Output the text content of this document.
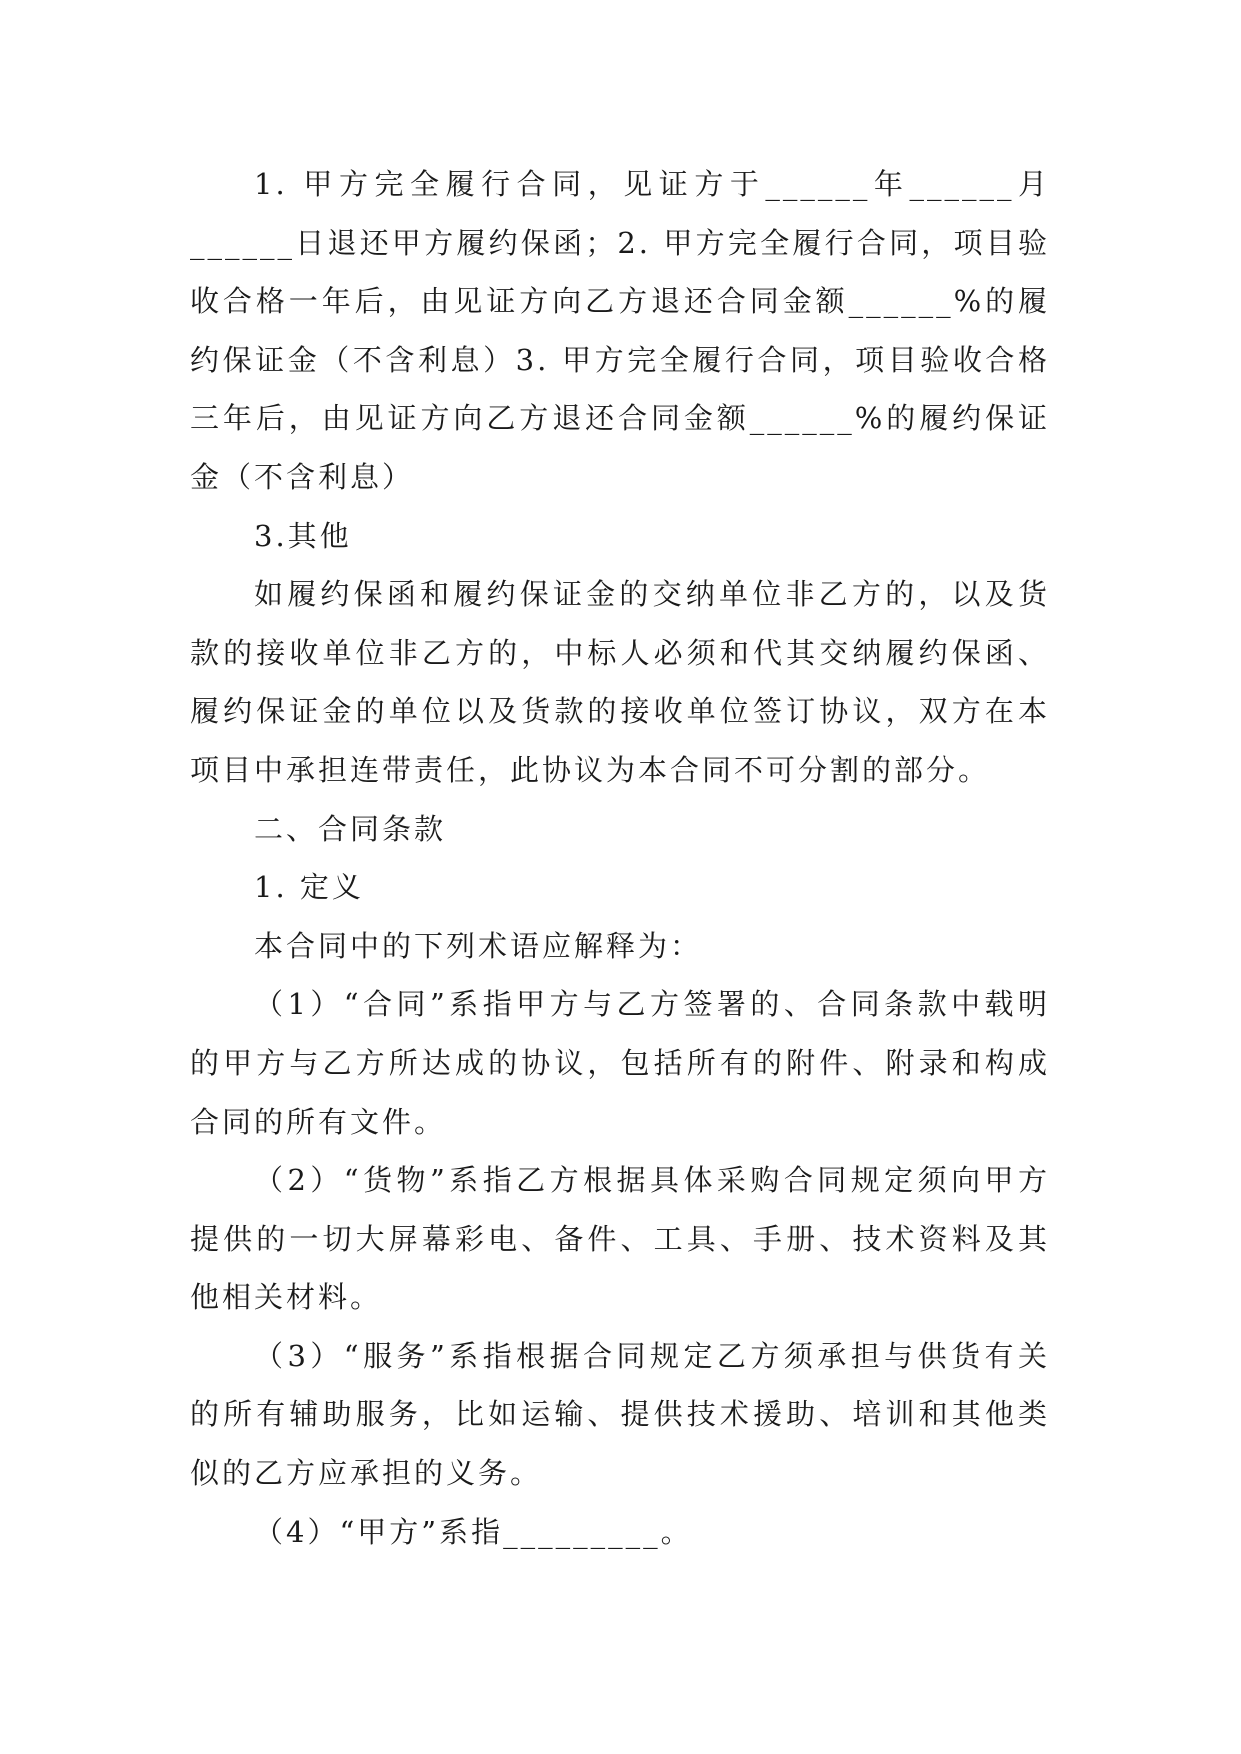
1. 甲方完全履行合同，见证方于______年______月
______日退还甲方履约保函；2. 甲方完全履行合同，项目验
收合格一年后，由见证方向乙方退还合同金额______%的履
约保证金（不含利息）3. 甲方完全履行合同，项目验收合格
三年后，由见证方向乙方退还合同金额______%的履约保证
金（不含利息）
3.其他
如履约保函和履约保证金的交纳单位非乙方的，以及货
款的接收单位非乙方的，中标人必须和代其交纳履约保函、
履约保证金的单位以及货款的接收单位签订协议，双方在本
项目中承担连带责任，此协议为本合同不可分割的部分。
二、合同条款
1. 定义
本合同中的下列术语应解释为：
（1）“合同”系指甲方与乙方签署的、合同条款中载明
的甲方与乙方所达成的协议，包括所有的附件、附录和构成
合同的所有文件。
（2）“货物”系指乙方根据具体采购合同规定须向甲方
提供的一切大屏幕彩电、备件、工具、手册、技术资料及其
他相关材料。
（3）“服务”系指根据合同规定乙方须承担与供货有关
的所有辅助服务，比如运输、提供技术援助、培训和其他类
似的乙方应承担的义务。
（4）“甲方”系指_________。
